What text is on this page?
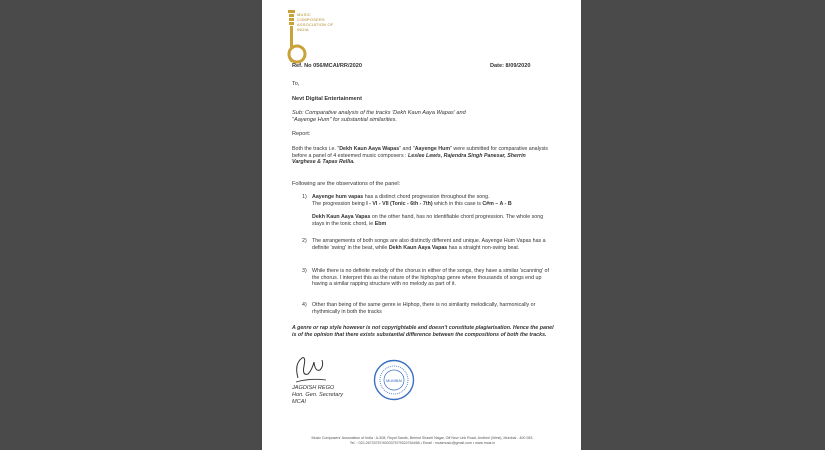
MUSIC
COMPOSERS
ASSOCIATION OF
INDIA
Ref. No 056/MCAI/RR/2020	Date: 8/09/2020
To,
Nevt Digital Entertainment
Sub: Comparative analysis of the tracks 'Dekh Kaun Aaya Wapas' and
"Aayenge Hum" for substantial similarities.
Report:
Both the tracks i.e. "Dekh Kaun Aaya Wapas" and "Aayenge Hum" were submitted for comparative analysis before a panel of 4 esteemed music composers : Leslee Lewis, Rajendra Singh Panesar, Sherrin Varghese & Tapas Rellia.
Following are the observations of the panel:
1) Aayenge hum vapas has a distinct chord progression throughout the song.
The progression being I - VI - VII (Tonic - 6th - 7th) which in this case is C#m – A - B
Dekh Kaun Aaya Vapas on the other hand, has no identifiable chord progression. The whole song stays in the tonic chord, ie Ebm
2) The arrangements of both songs are also distinctly different and unique. Aayenge Hum Vapas has a definite 'swing' in the beat, while Dekh Kaun Aaya Vapas has a straight non-swing beat.
3) While there is no definite melody of the chorus in either of the songs, they have a similar 'scanning' of the chorus. I interpret this as the nature of the hiphop/rap genre where thousands of songs end up having a similar rapping structure with no melody as part of it.
4) Other than being of the same genre ie Hiphop, there is no similarity melodically, harmonically or rhythmically in both the tracks
A genre or rap style however is not copyrightable and doesn't constitute plagiarisation. Hence the panel is of the opinion that there exists substantial difference between the compositions of both the tracks.
JAGDISH REGO
Hon. Gen. Secretary
MCAI
MUMBAI
Music Composers' Association of India : A-508, Royal Sands, Behind Shastri Nagar, Off New Link Road, Andheri (West), Mumbai - 400 053.
Tel. : 022-26733757/40033757/9324764468 • Email : mcaimusic@gmail.com • www.mcai.in
